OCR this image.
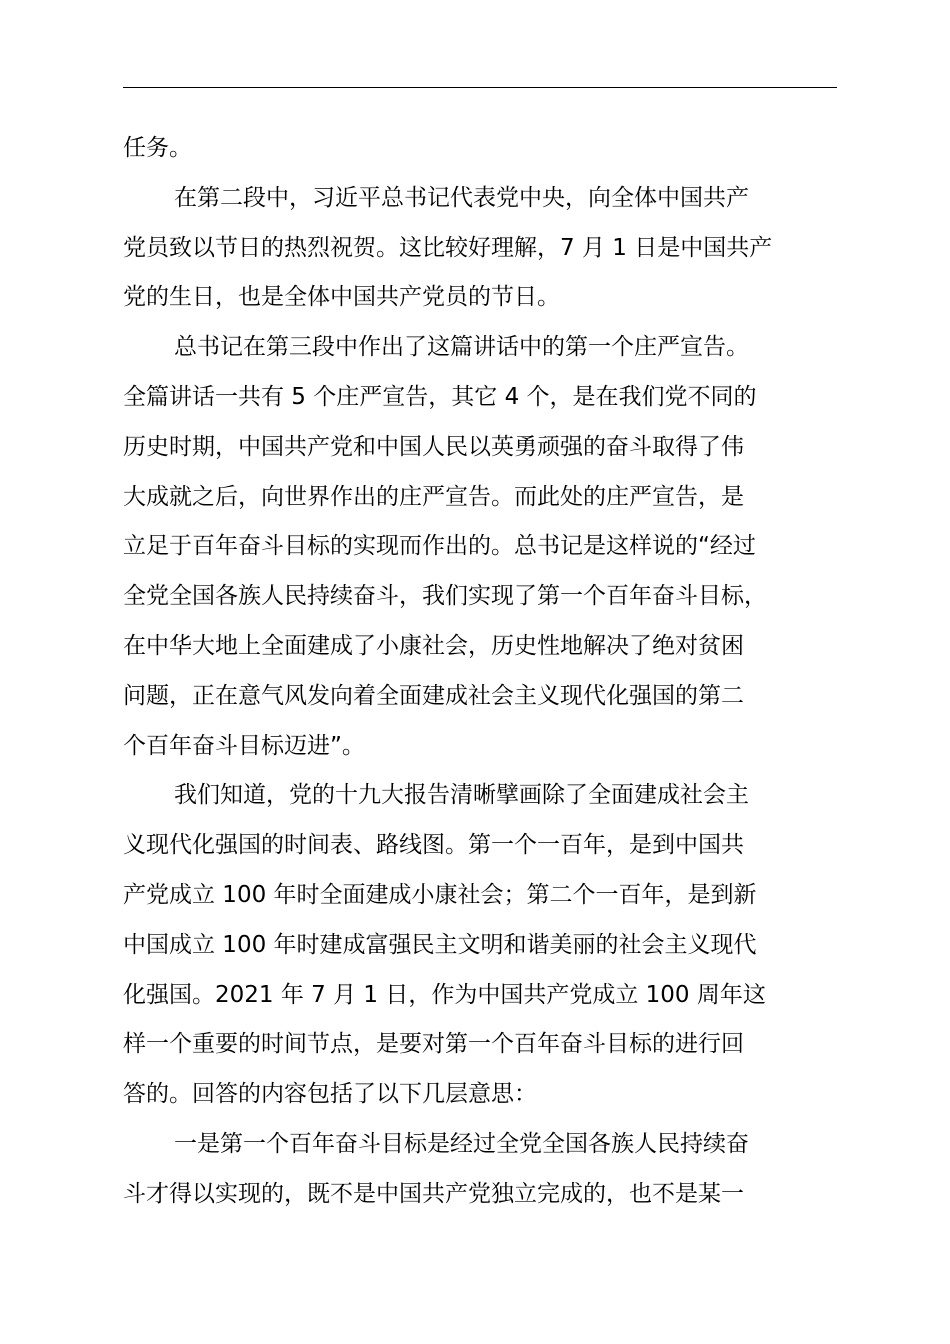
任务。
在第二段中，习近平总书记代表党中央，向全体中国共产
党员致以节日的热烈祝贺。这比较好理解，7 月 1 日是中国共产
党的生日，也是全体中国共产党员的节日。
总书记在第三段中作出了这篇讲话中的第一个庄严宣告。
全篇讲话一共有 5 个庄严宣告，其它 4 个，是在我们党不同的
历史时期，中国共产党和中国人民以英勇顽强的奋斗取得了伟
大成就之后，向世界作出的庄严宣告。而此处的庄严宣告，是
立足于百年奋斗目标的实现而作出的。总书记是这样说的“经过
全党全国各族人民持续奋斗，我们实现了第一个百年奋斗目标，
在中华大地上全面建成了小康社会，历史性地解决了绝对贫困
问题，正在意气风发向着全面建成社会主义现代化强国的第二
个百年奋斗目标迈进”。
我们知道，党的十九大报告清晰擘画除了全面建成社会主
义现代化强国的时间表、路线图。第一个一百年，是到中国共
产党成立 100 年时全面建成小康社会；第二个一百年，是到新
中国成立 100 年时建成富强民主文明和谐美丽的社会主义现代
化强国。2021 年 7 月 1 日，作为中国共产党成立 100 周年这
样一个重要的时间节点，是要对第一个百年奋斗目标的进行回
答的。回答的内容包括了以下几层意思：
一是第一个百年奋斗目标是经过全党全国各族人民持续奋
斗才得以实现的，既不是中国共产党独立完成的，也不是某一
